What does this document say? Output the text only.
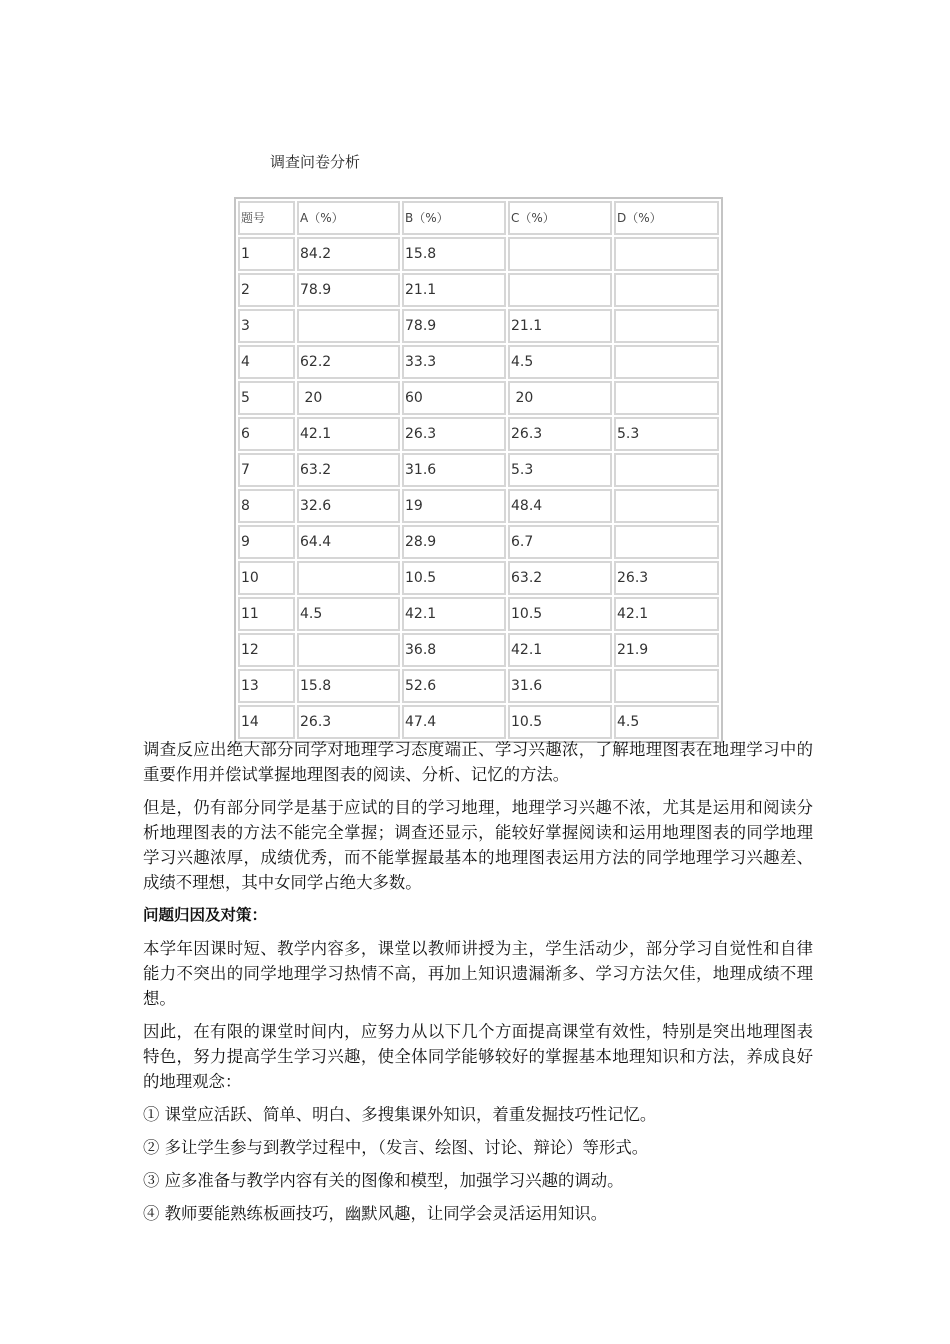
调查问卷分析
题号	A（%）	B（%）	C（%）	D（%）
1	84.2	15.8		
2	78.9	21.1		
3		78.9	21.1	
4	62.2	33.3	4.5	
5	20	60	20	
6	42.1	26.3	26.3	5.3
7	63.2	31.6	5.3	
8	32.6	19	48.4	
9	64.4	28.9	6.7	
10		10.5	63.2	26.3
11	4.5	42.1	10.5	42.1
12		36.8	42.1	21.9
13	15.8	52.6	31.6	
14	26.3	47.4	10.5	4.5

调查反应出绝大部分同学对地理学习态度端正、学习兴趣浓，了解地理图表在地理学习中的重要作用并偿试掌握地理图表的阅读、分析、记忆的方法。

但是，仍有部分同学是基于应试的目的学习地理，地理学习兴趣不浓，尤其是运用和阅读分析地理图表的方法不能完全掌握；调查还显示，能较好掌握阅读和运用地理图表的同学地理学习兴趣浓厚，成绩优秀，而不能掌握最基本的地理图表运用方法的同学地理学习兴趣差、成绩不理想，其中女同学占绝大多数。

问题归因及对策：

本学年因课时短、教学内容多，课堂以教师讲授为主，学生活动少，部分学习自觉性和自律能力不突出的同学地理学习热情不高，再加上知识遗漏渐多、学习方法欠佳，地理成绩不理想。

因此，在有限的课堂时间内，应努力从以下几个方面提高课堂有效性，特别是突出地理图表特色，努力提高学生学习兴趣，使全体同学能够较好的掌握基本地理知识和方法，养成良好的地理观念：

① 课堂应活跃、简单、明白、多搜集课外知识，着重发掘技巧性记忆。

② 多让学生参与到教学过程中，（发言、绘图、讨论、辩论）等形式。

③ 应多准备与教学内容有关的图像和模型，加强学习兴趣的调动。

④ 教师要能熟练板画技巧，幽默风趣，让同学会灵活运用知识。
